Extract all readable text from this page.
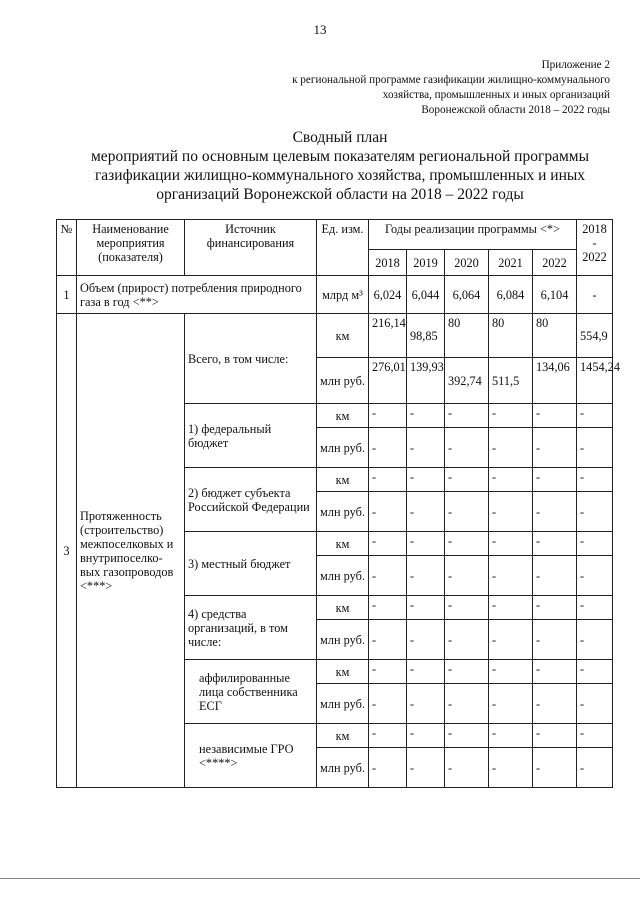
13
Приложение 2
к региональной программе газификации жилищно-коммунального
хозяйства, промышленных и иных организаций
Воронежской области 2018 – 2022 годы
Сводный план
мероприятий по основным целевым показателям региональной программы
газификации жилищно-коммунального хозяйства, промышленных и иных
организаций Воронежской области на 2018 – 2022 годы
№	Наименование мероприятия (показателя)	Источник финансирования	Ед. изм.	Годы реализации программы <*>					2018 - 2022
				2018	2019	2020	2021	2022	
1	Объем (прирост) потребления природного газа в год <**>		млрд м³	6,024	6,044	6,064	6,084	6,104	-
3	Протяженность (строительство) межпоселковых и внутрипоселко-вых газопроводов <***>	Всего, в том числе:	км	216,14	98,85	80	80	80	554,9
			млн руб.	276,01	139,93	392,74	511,5	134,06	1454,24
		1) федеральный бюджет	км	-	-	-	-	-	-
			млн руб.	-	-	-	-	-	-
		2) бюджет субъекта Российской Федерации	км	-	-	-	-	-	-
			млн руб.	-	-	-	-	-	-
		3) местный бюджет	км	-	-	-	-	-	-
			млн руб.	-	-	-	-	-	-
		4) средства организаций, в том числе:	км	-	-	-	-	-	-
			млн руб.	-	-	-	-	-	-
		аффилированные лица собственника ЕСГ	км	-	-	-	-	-	-
			млн руб.	-	-	-	-	-	-
		независимые ГРО <****>	км	-	-	-	-	-	-
			млн руб.	-	-	-	-	-	-
